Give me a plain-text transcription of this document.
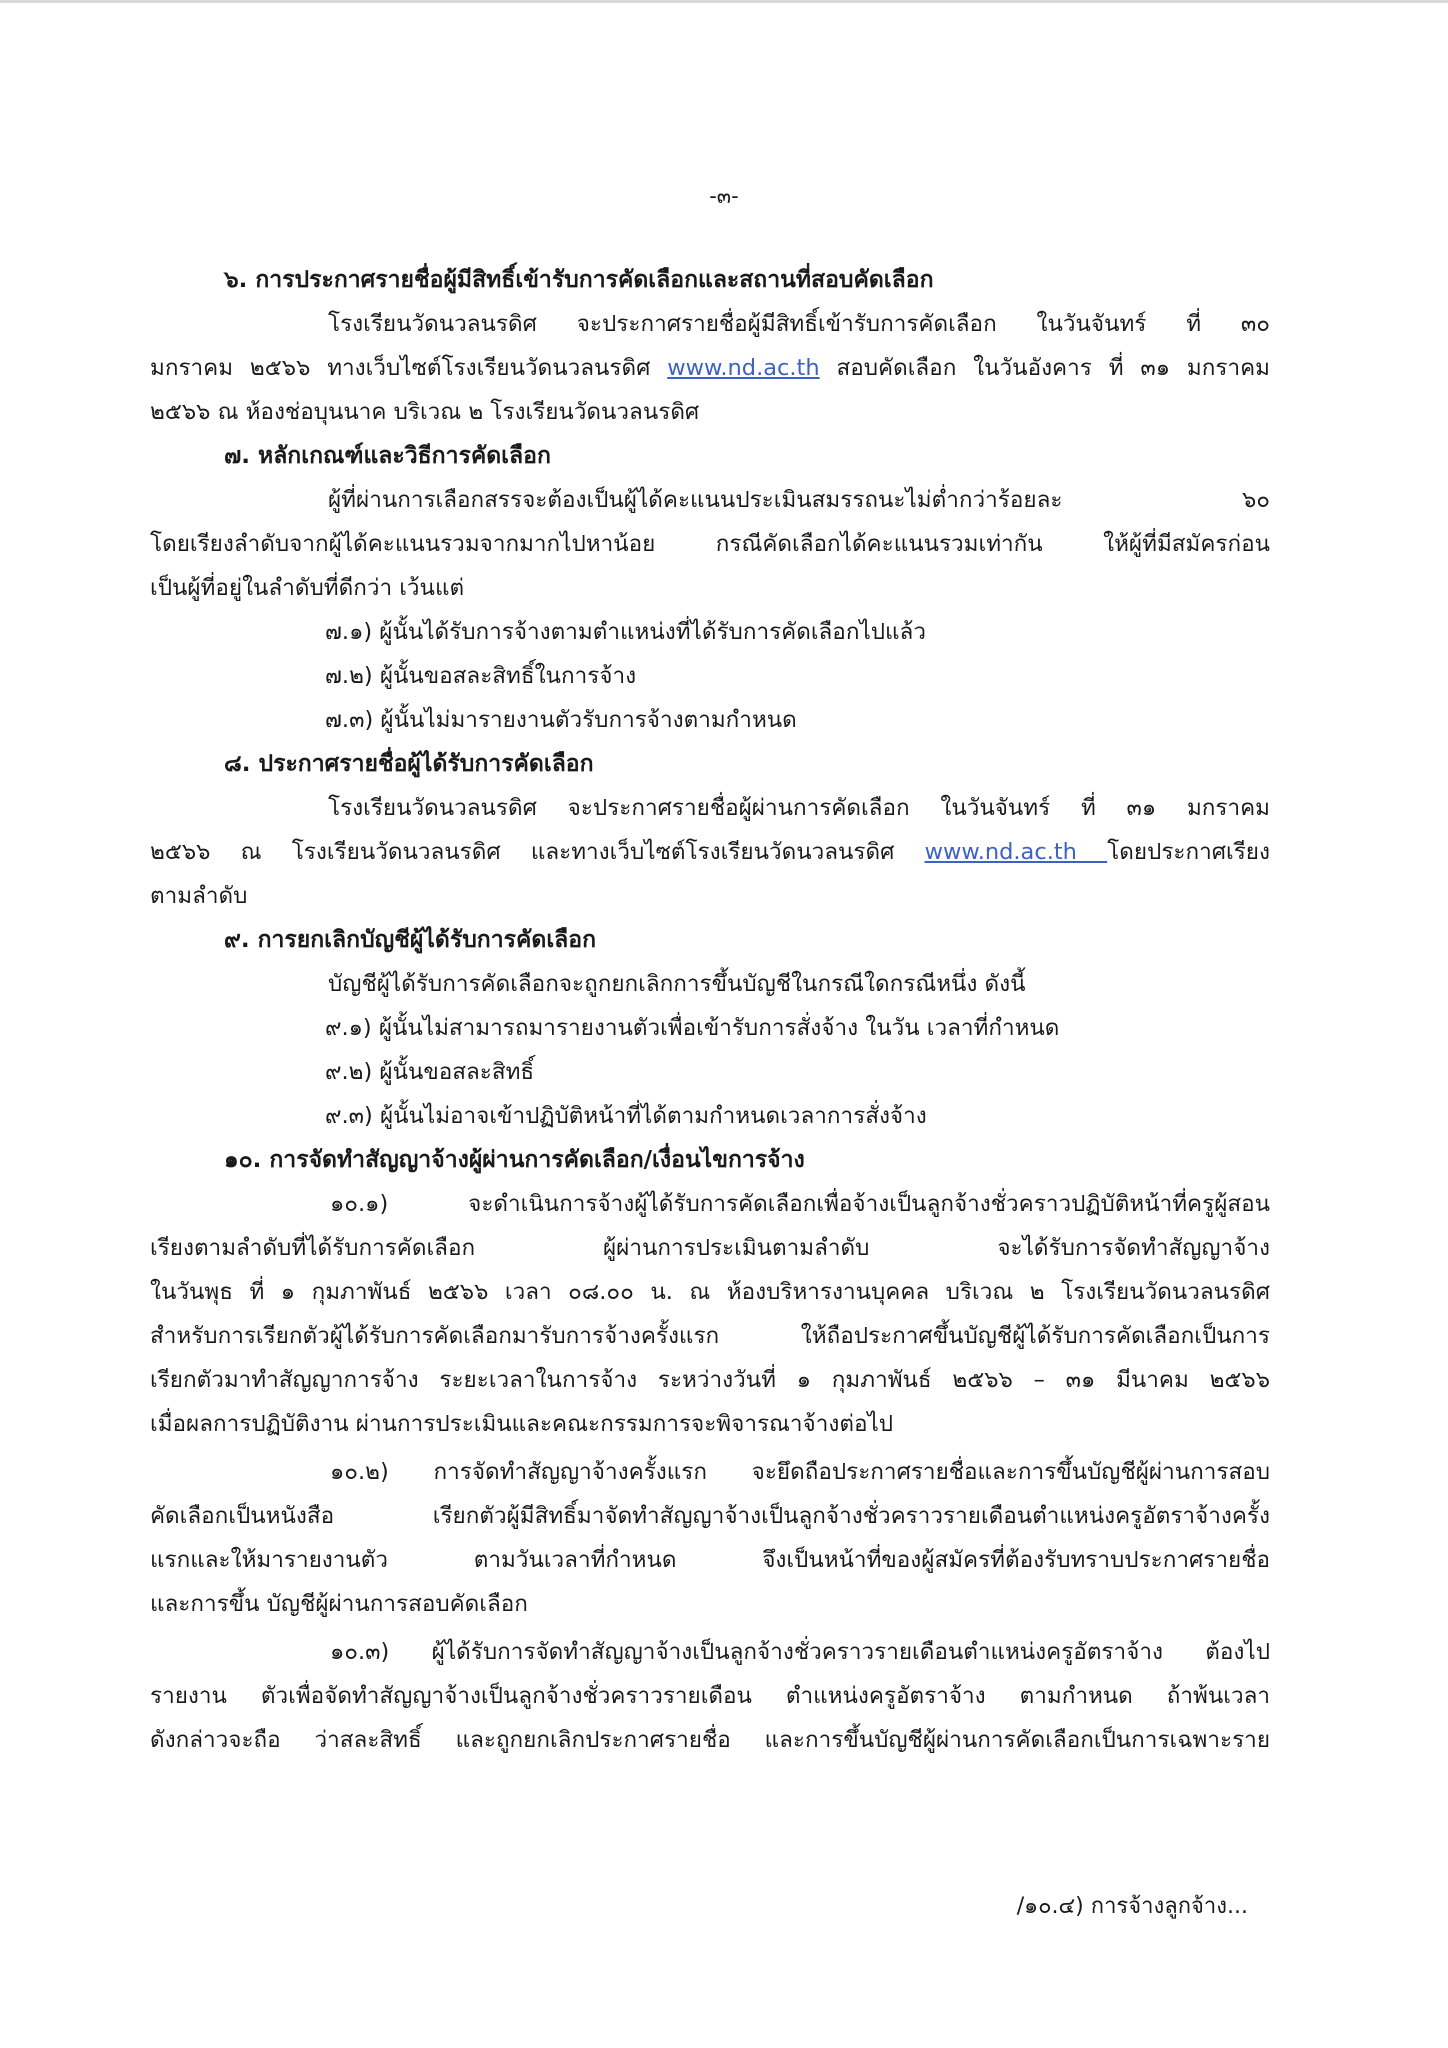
-๓-
๖. การประกาศรายชื่อผู้มีสิทธิ์เข้ารับการคัดเลือกและสถานที่สอบคัดเลือก
โรงเรียนวัดนวลนรดิศ จะประกาศรายชื่อผู้มีสิทธิ์เข้ารับการคัดเลือก ในวันจันทร์ ที่ ๓๐
มกราคม ๒๕๖๖ ทางเว็บไซต์โรงเรียนวัดนวลนรดิศ www.nd.ac.th สอบคัดเลือก ในวันอังคาร ที่ ๓๑ มกราคม
๒๕๖๖ ณ ห้องช่อบุนนาค บริเวณ ๒ โรงเรียนวัดนวลนรดิศ
๗. หลักเกณฑ์และวิธีการคัดเลือก
ผู้ที่ผ่านการเลือกสรรจะต้องเป็นผู้ได้คะแนนประเมินสมรรถนะไม่ต่ำกว่าร้อยละ ๖๐
โดยเรียงลำดับจากผู้ได้คะแนนรวมจากมากไปหาน้อย กรณีคัดเลือกได้คะแนนรวมเท่ากัน ให้ผู้ที่มีสมัครก่อน
เป็นผู้ที่อยู่ในลำดับที่ดีกว่า เว้นแต่
๗.๑) ผู้นั้นได้รับการจ้างตามตำแหน่งที่ได้รับการคัดเลือกไปแล้ว
๗.๒) ผู้นั้นขอสละสิทธิ์ในการจ้าง
๗.๓) ผู้นั้นไม่มารายงานตัวรับการจ้างตามกำหนด
๘. ประกาศรายชื่อผู้ได้รับการคัดเลือก
โรงเรียนวัดนวลนรดิศ จะประกาศรายชื่อผู้ผ่านการคัดเลือก ในวันจันทร์ ที่ ๓๑ มกราคม
๒๕๖๖ ณ โรงเรียนวัดนวลนรดิศ และทางเว็บไซต์โรงเรียนวัดนวลนรดิศ www.nd.ac.th โดยประกาศเรียง
ตามลำดับ
๙. การยกเลิกบัญชีผู้ได้รับการคัดเลือก
บัญชีผู้ได้รับการคัดเลือกจะถูกยกเลิกการขึ้นบัญชีในกรณีใดกรณีหนึ่ง ดังนี้
๙.๑) ผู้นั้นไม่สามารถมารายงานตัวเพื่อเข้ารับการสั่งจ้าง ในวัน เวลาที่กำหนด
๙.๒) ผู้นั้นขอสละสิทธิ์
๙.๓) ผู้นั้นไม่อาจเข้าปฏิบัติหน้าที่ได้ตามกำหนดเวลาการสั่งจ้าง
๑๐. การจัดทำสัญญาจ้างผู้ผ่านการคัดเลือก/เงื่อนไขการจ้าง
๑๐.๑) จะดำเนินการจ้างผู้ได้รับการคัดเลือกเพื่อจ้างเป็นลูกจ้างชั่วคราวปฏิบัติหน้าที่ครูผู้สอน
เรียงตามลำดับที่ได้รับการคัดเลือก ผู้ผ่านการประเมินตามลำดับ จะได้รับการจัดทำสัญญาจ้าง
ในวันพุธ ที่ ๑ กุมภาพันธ์ ๒๕๖๖ เวลา ๐๘.๐๐ น. ณ ห้องบริหารงานบุคคล บริเวณ ๒ โรงเรียนวัดนวลนรดิศ
สำหรับการเรียกตัวผู้ได้รับการคัดเลือกมารับการจ้างครั้งแรก ให้ถือประกาศขึ้นบัญชีผู้ได้รับการคัดเลือกเป็นการ
เรียกตัวมาทำสัญญาการจ้าง ระยะเวลาในการจ้าง ระหว่างวันที่ ๑ กุมภาพันธ์ ๒๕๖๖ – ๓๑ มีนาคม ๒๕๖๖
เมื่อผลการปฏิบัติงาน ผ่านการประเมินและคณะกรรมการจะพิจารณาจ้างต่อไป
๑๐.๒) การจัดทำสัญญาจ้างครั้งแรก จะยึดถือประกาศรายชื่อและการขึ้นบัญชีผู้ผ่านการสอบ
คัดเลือกเป็นหนังสือ เรียกตัวผู้มีสิทธิ์มาจัดทำสัญญาจ้างเป็นลูกจ้างชั่วคราวรายเดือนตำแหน่งครูอัตราจ้างครั้ง
แรกและให้มารายงานตัว ตามวันเวลาที่กำหนด จึงเป็นหน้าที่ของผู้สมัครที่ต้องรับทราบประกาศรายชื่อ
และการขึ้น บัญชีผู้ผ่านการสอบคัดเลือก
๑๐.๓) ผู้ได้รับการจัดทำสัญญาจ้างเป็นลูกจ้างชั่วคราวรายเดือนตำแหน่งครูอัตราจ้าง ต้องไป
รายงาน ตัวเพื่อจัดทำสัญญาจ้างเป็นลูกจ้างชั่วคราวรายเดือน ตำแหน่งครูอัตราจ้าง ตามกำหนด ถ้าพ้นเวลา
ดังกล่าวจะถือ ว่าสละสิทธิ์ และถูกยกเลิกประกาศรายชื่อ และการขึ้นบัญชีผู้ผ่านการคัดเลือกเป็นการเฉพาะราย
/๑๐.๔) การจ้างลูกจ้าง...
